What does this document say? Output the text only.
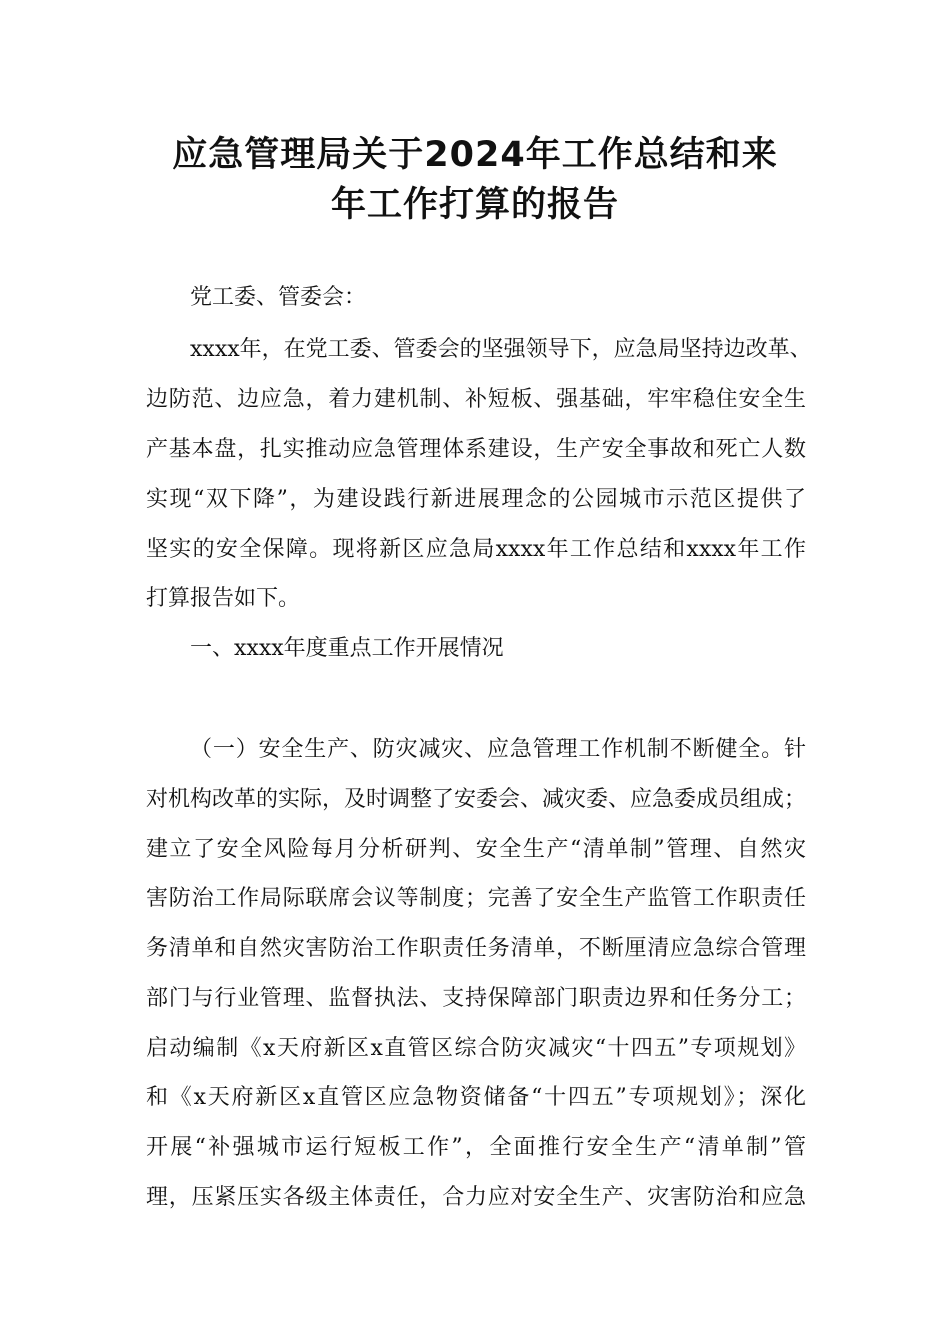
应急管理局关于2024年工作总结和来
年工作打算的报告

党工委、管委会：

xxxx年，在党工委、管委会的坚强领导下，应急局坚持边改革、

边防范、边应急，着力建机制、补短板、强基础，牢牢稳住安全生

产基本盘，扎实推动应急管理体系建设，生产安全事故和死亡人数

实现“双下降”，为建设践行新进展理念的公园城市示范区提供了

坚实的安全保障。现将新区应急局xxxx年工作总结和xxxx年工作

打算报告如下。

一、xxxx年度重点工作开展情况

（一）安全生产、防灾减灾、应急管理工作机制不断健全。针

对机构改革的实际，及时调整了安委会、减灾委、应急委成员组成；

建立了安全风险每月分析研判、安全生产“清单制”管理、自然灾

害防治工作局际联席会议等制度；完善了安全生产监管工作职责任

务清单和自然灾害防治工作职责任务清单，不断厘清应急综合管理

部门与行业管理、监督执法、支持保障部门职责边界和任务分工；

启动编制《x天府新区x直管区综合防灾减灾“十四五”专项规划》

和《x天府新区x直管区应急物资储备“十四五”专项规划》；深化

开展“补强城市运行短板工作”，全面推行安全生产“清单制”管

理，压紧压实各级主体责任，合力应对安全生产、灾害防治和应急
